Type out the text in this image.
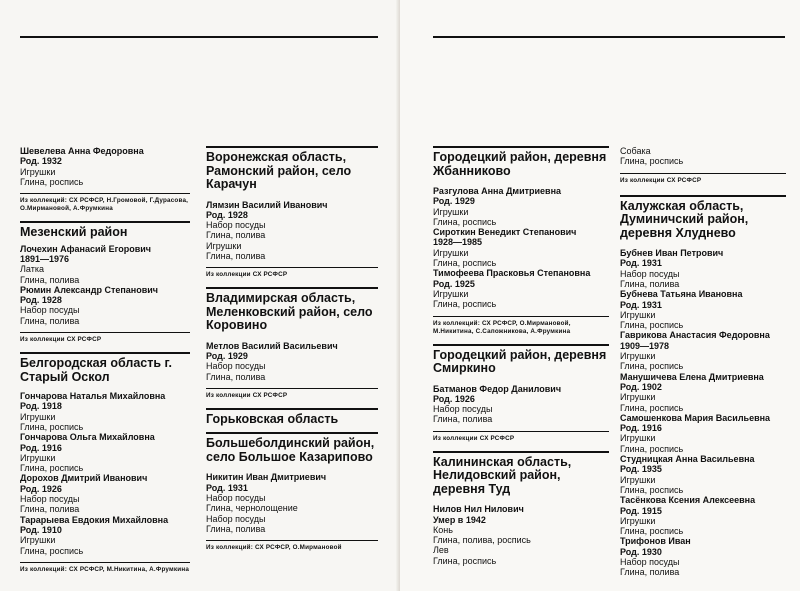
Шевелева Анна Федоровна
Род. 1932
Игрушки
Глина, роспись
Из коллекций: СХ РСФСР, Н.Громовой, Г.Дурасова, О.Мирмановой, А.Фрумкина
Мезенский район
Лочехин Афанасий Егорович
1891—1976
Латка
Глина, полива
Рюмин Александр Степанович
Род. 1928
Набор посуды
Глина, полива
Из коллекции СХ РСФСР
Белгородская область г. Старый Оскол
Гончарова Наталья Михайловна
Род. 1918
Игрушки
Глина, роспись
Гончарова Ольга Михайловна
Род. 1916
Игрушки
Глина, роспись
Дорохов Дмитрий Иванович
Род. 1926
Набор посуды
Глина, полива
Тарарыева Евдокия Михайловна
Род. 1910
Игрушки
Глина, роспись
Из коллекций: СХ РСФСР, М.Никитина, А.Фрумкина
Воронежская область, Рамонский район, село Карачун
Лямзин Василий Иванович
Род. 1928
Набор посуды
Глина, полива
Игрушки
Глина, полива
Из коллекции СХ РСФСР
Владимирская область, Меленковский район, село Коровино
Метлов Василий Васильевич
Род. 1929
Набор посуды
Глина, полива
Из коллекции СХ РСФСР
Горьковская область
Большеболдинский район, село Большое Казарипово
Никитин Иван Дмитриевич
Род. 1931
Набор посуды
Глина, чернолощение
Набор посуды
Глина, полива
Из коллекций: СХ РСФСР, О.Мирмановой
Городецкий район, деревня Жбанниково
Разгулова Анна Дмитриевна
Род. 1929
Игрушки
Глина, роспись
Сироткин Венедикт Степанович
1928—1985
Игрушки
Глина, роспись
Тимофеева Прасковья Степановна
Род. 1925
Игрушки
Глина, роспись
Из коллекций: СХ РСФСР, О.Мирмановой, М.Никитина, С.Сапожникова, А.Фрумкина
Городецкий район, деревня Смиркино
Батманов Федор Данилович
Род. 1926
Набор посуды
Глина, полива
Из коллекции СХ РСФСР
Калининская область, Нелидовский район, деревня Туд
Нилов Нил Нилович
Умер в 1942
Конь
Глина, полива, роспись
Лев
Глина, роспись
Собака
Глина, роспись
Из коллекции СХ РСФСР
Калужская область, Думиничский район, деревня Хлуднево
Бубнев Иван Петрович
Род. 1931
Набор посуды
Глина, полива
Бубнева Татьяна Ивановна
Род. 1931
Игрушки
Глина, роспись
Гаврикова Анастасия Федоровна
1909—1978
Игрушки
Глина, роспись
Манушичева Елена Дмитриевна
Род. 1902
Игрушки
Глина, роспись
Самошенкова Мария Васильевна
Род. 1916
Игрушки
Глина, роспись
Студницкая Анна Васильевна
Род. 1935
Игрушки
Глина, роспись
Тасёнкова Ксения Алексеевна
Род. 1915
Игрушки
Глина, роспись
Трифонов Иван
Род. 1930
Набор посуды
Глина, полива
